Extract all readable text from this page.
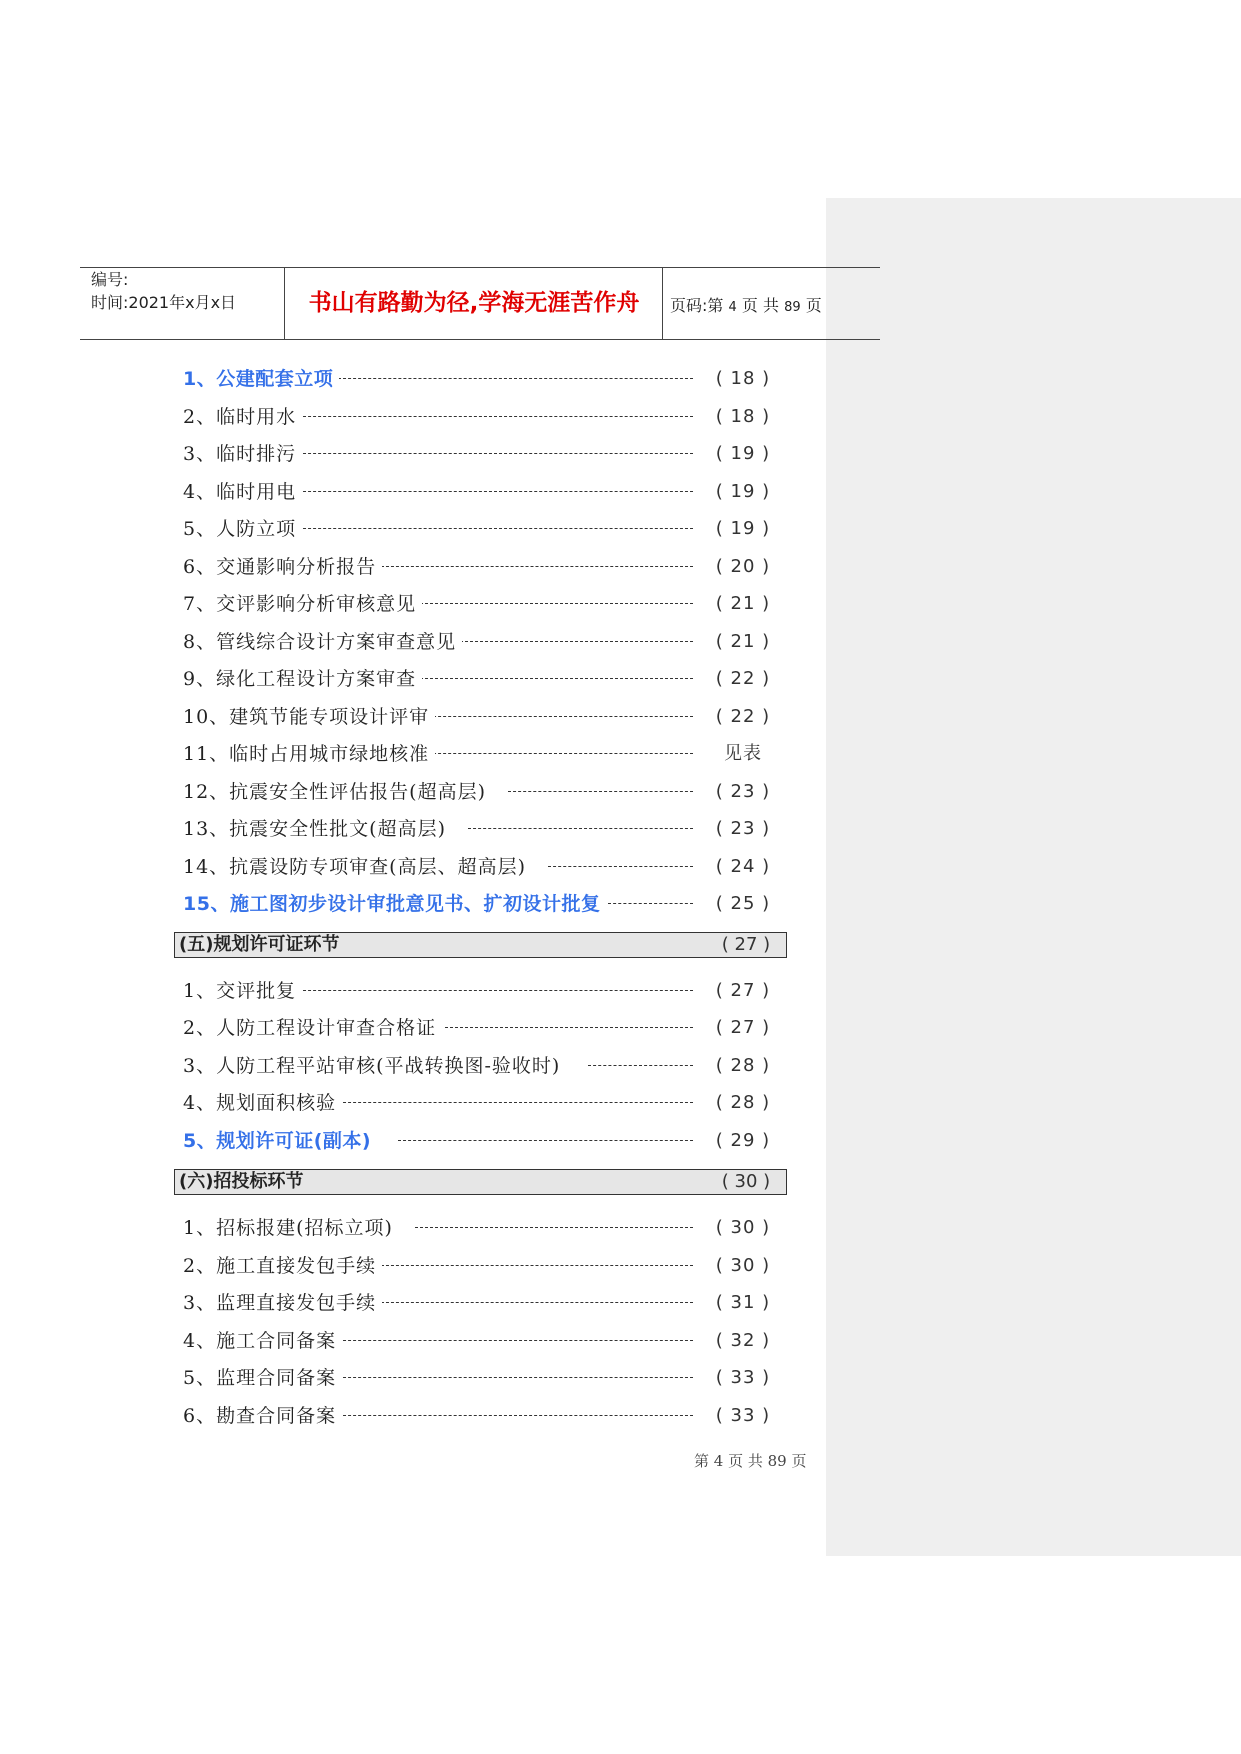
编号:
时间:2021年x月x日	书山有路勤为径,学海无涯苦作舟	页码:第 4 页 共 89 页
1、公建配套立项	( 18 )
2、临时用水	( 18 )
3、临时排污	( 19 )
4、临时用电	( 19 )
5、人防立项	( 19 )
6、交通影响分析报告	( 20 )
7、交评影响分析审核意见	( 21 )
8、管线综合设计方案审查意见	( 21 )
9、绿化工程设计方案审查	( 22 )
10、建筑节能专项设计评审	( 22 )
11、临时占用城市绿地核准	见表
12、抗震安全性评估报告(超高层)	( 23 )
13、抗震安全性批文(超高层)	( 23 )
14、抗震设防专项审查(高层、超高层)	( 24 )
15、施工图初步设计审批意见书、扩初设计批复	( 25 )
(五)规划许可证环节	( 27 )
1、交评批复	( 27 )
2、人防工程设计审查合格证	( 27 )
3、人防工程平站审核(平战转换图-验收时)	( 28 )
4、规划面积核验	( 28 )
5、规划许可证(副本)	( 29 )
(六)招投标环节	( 30 )
1、招标报建(招标立项)	( 30 )
2、施工直接发包手续	( 30 )
3、监理直接发包手续	( 31 )
4、施工合同备案	( 32 )
5、监理合同备案	( 33 )
6、勘查合同备案	( 33 )
第 4 页 共 89 页
